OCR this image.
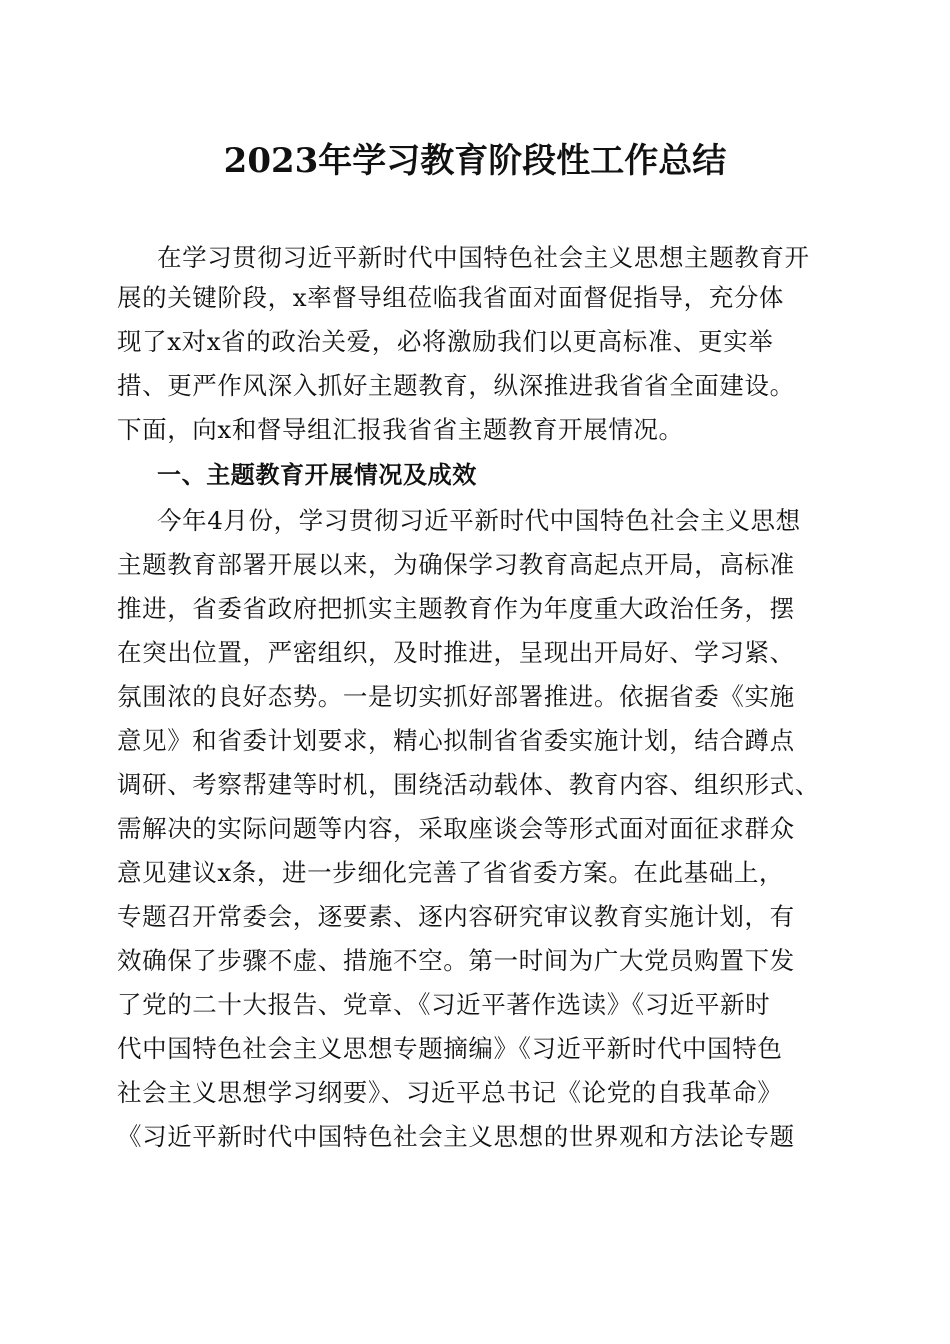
2023年学习教育阶段性工作总结

在学习贯彻习近平新时代中国特色社会主义思想主题教育开

展的关键阶段，x率督导组莅临我省面对面督促指导，充分体

现了x对x省的政治关爱，必将激励我们以更高标准、更实举

措、更严作风深入抓好主题教育，纵深推进我省省全面建设。

下面，向x和督导组汇报我省省主题教育开展情况。

一、主题教育开展情况及成效

今年4月份，学习贯彻习近平新时代中国特色社会主义思想

主题教育部署开展以来，为确保学习教育高起点开局，高标准

推进，省委省政府把抓实主题教育作为年度重大政治任务，摆

在突出位置，严密组织，及时推进，呈现出开局好、学习紧、

氛围浓的良好态势。一是切实抓好部署推进。依据省委《实施

意见》和省委计划要求，精心拟制省省委实施计划，结合蹲点

调研、考察帮建等时机，围绕活动载体、教育内容、组织形式、

需解决的实际问题等内容，采取座谈会等形式面对面征求群众

意见建议x条，进一步细化完善了省省委方案。在此基础上，

专题召开常委会，逐要素、逐内容研究审议教育实施计划，有

效确保了步骤不虚、措施不空。第一时间为广大党员购置下发

了党的二十大报告、党章、《习近平著作选读》《习近平新时

代中国特色社会主义思想专题摘编》《习近平新时代中国特色

社会主义思想学习纲要》、习近平总书记《论党的自我革命》

《习近平新时代中国特色社会主义思想的世界观和方法论专题
